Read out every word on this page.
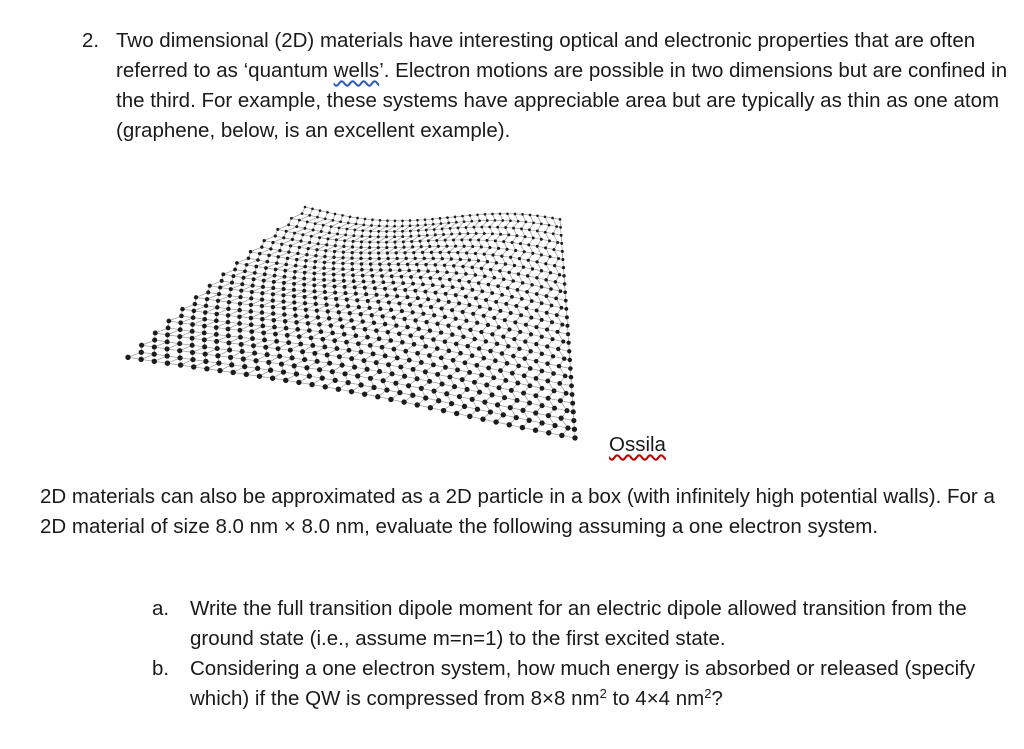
2. Two dimensional (2D) materials have interesting optical and electronic properties that are often referred to as ‘quantum wells’. Electron motions are possible in two dimensions but are confined in the third. For example, these systems have appreciable area but are typically as thin as one atom (graphene, below, is an excellent example).
Ossila
2D materials can also be approximated as a 2D particle in a box (with infinitely high potential walls). For a 2D material of size 8.0 nm × 8.0 nm, evaluate the following assuming a one electron system.
a. Write the full transition dipole moment for an electric dipole allowed transition from the ground state (i.e., assume m=n=1) to the first excited state.
b. Considering a one electron system, how much energy is absorbed or released (specify which) if the QW is compressed from 8×8 $nm^2$ to 4×4 $nm^2$?
